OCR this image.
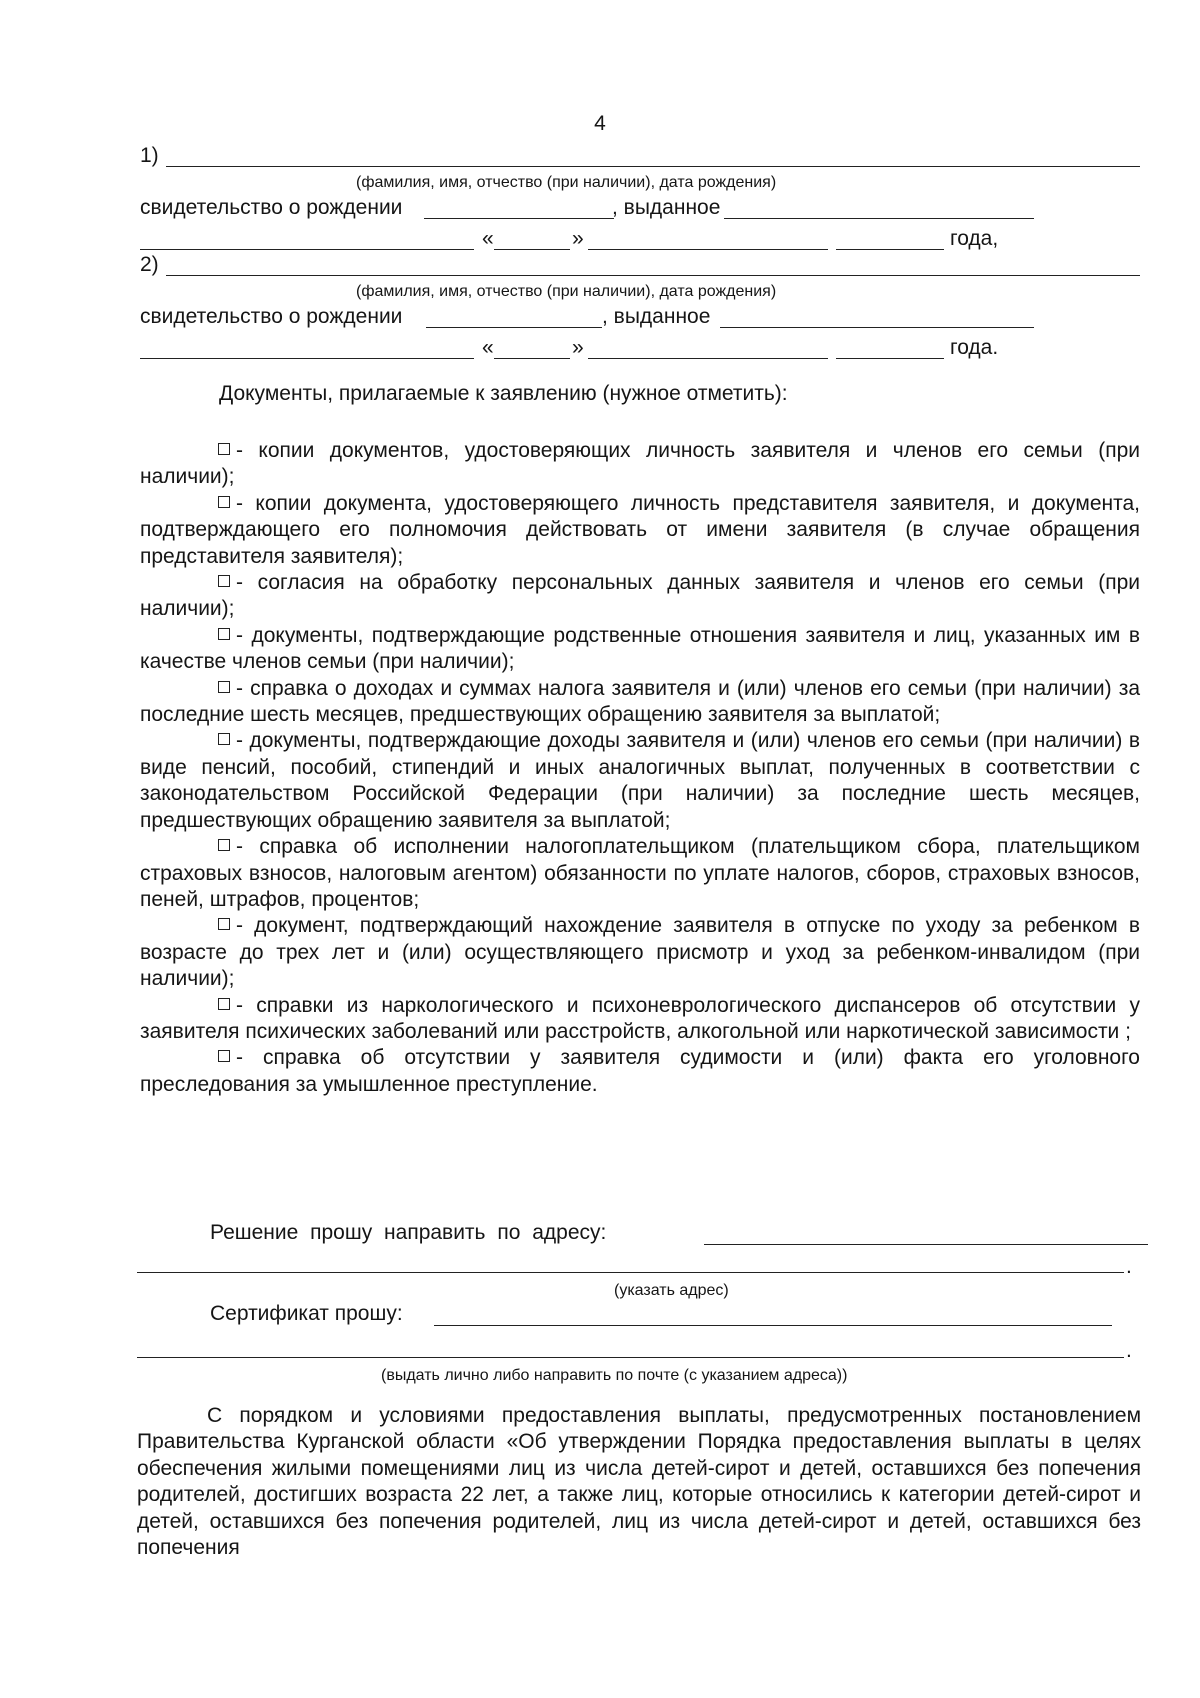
4
1)
(фамилия, имя, отчество (при наличии), дата рождения)
свидетельство о рождении	, выданное
«	»	года,
2)
(фамилия, имя, отчество (при наличии), дата рождения)
свидетельство о рождении	, выданное
«	»	года.
Документы, прилагаемые к заявлению (нужное отметить):
- копии документов, удостоверяющих личность заявителя и членов его семьи (при наличии);
- копии документа, удостоверяющего личность представителя заявителя, и документа, подтверждающего его полномочия действовать от имени заявителя (в случае обращения представителя заявителя);
- согласия на обработку персональных данных заявителя и членов его семьи (при наличии);
- документы, подтверждающие родственные отношения заявителя и лиц, указанных им в качестве членов семьи (при наличии);
- справка о доходах и суммах налога заявителя и (или) членов его семьи (при наличии) за последние шесть месяцев, предшествующих обращению заявителя за выплатой;
- документы, подтверждающие доходы заявителя и (или) членов его семьи (при наличии) в виде пенсий, пособий, стипендий и иных аналогичных выплат, полученных в соответствии с законодательством Российской Федерации (при наличии) за последние шесть месяцев, предшествующих обращению заявителя за выплатой;
- справка об исполнении налогоплательщиком (плательщиком сбора, плательщиком страховых взносов, налоговым агентом) обязанности по уплате налогов, сборов, страховых взносов, пеней, штрафов, процентов;
- документ, подтверждающий нахождение заявителя в отпуске по уходу за ребенком в возрасте до трех лет и (или) осуществляющего присмотр и уход за ребенком-инвалидом (при наличии);
- справки из наркологического и психоневрологического диспансеров об отсутствии у заявителя психических заболеваний или расстройств, алкогольной или наркотической зависимости ;
- справка об отсутствии у заявителя судимости и (или) факта его уголовного преследования за умышленное преступление.
Решение прошу направить по адресу:
.
(указать адрес)
Сертификат прошу:
.
(выдать лично либо направить по почте (с указанием адреса))

С порядком и условиями предоставления выплаты, предусмотренных постановлением Правительства Курганской области «Об утверждении Порядка предоставления выплаты в целях обеспечения жилыми помещениями лиц из числа детей-сирот и детей, оставшихся без попечения родителей, достигших возраста 22 лет, а также лиц, которые относились к категории детей-сирот и детей, оставшихся без попечения родителей, лиц из числа детей-сирот и детей, оставшихся без попечения
